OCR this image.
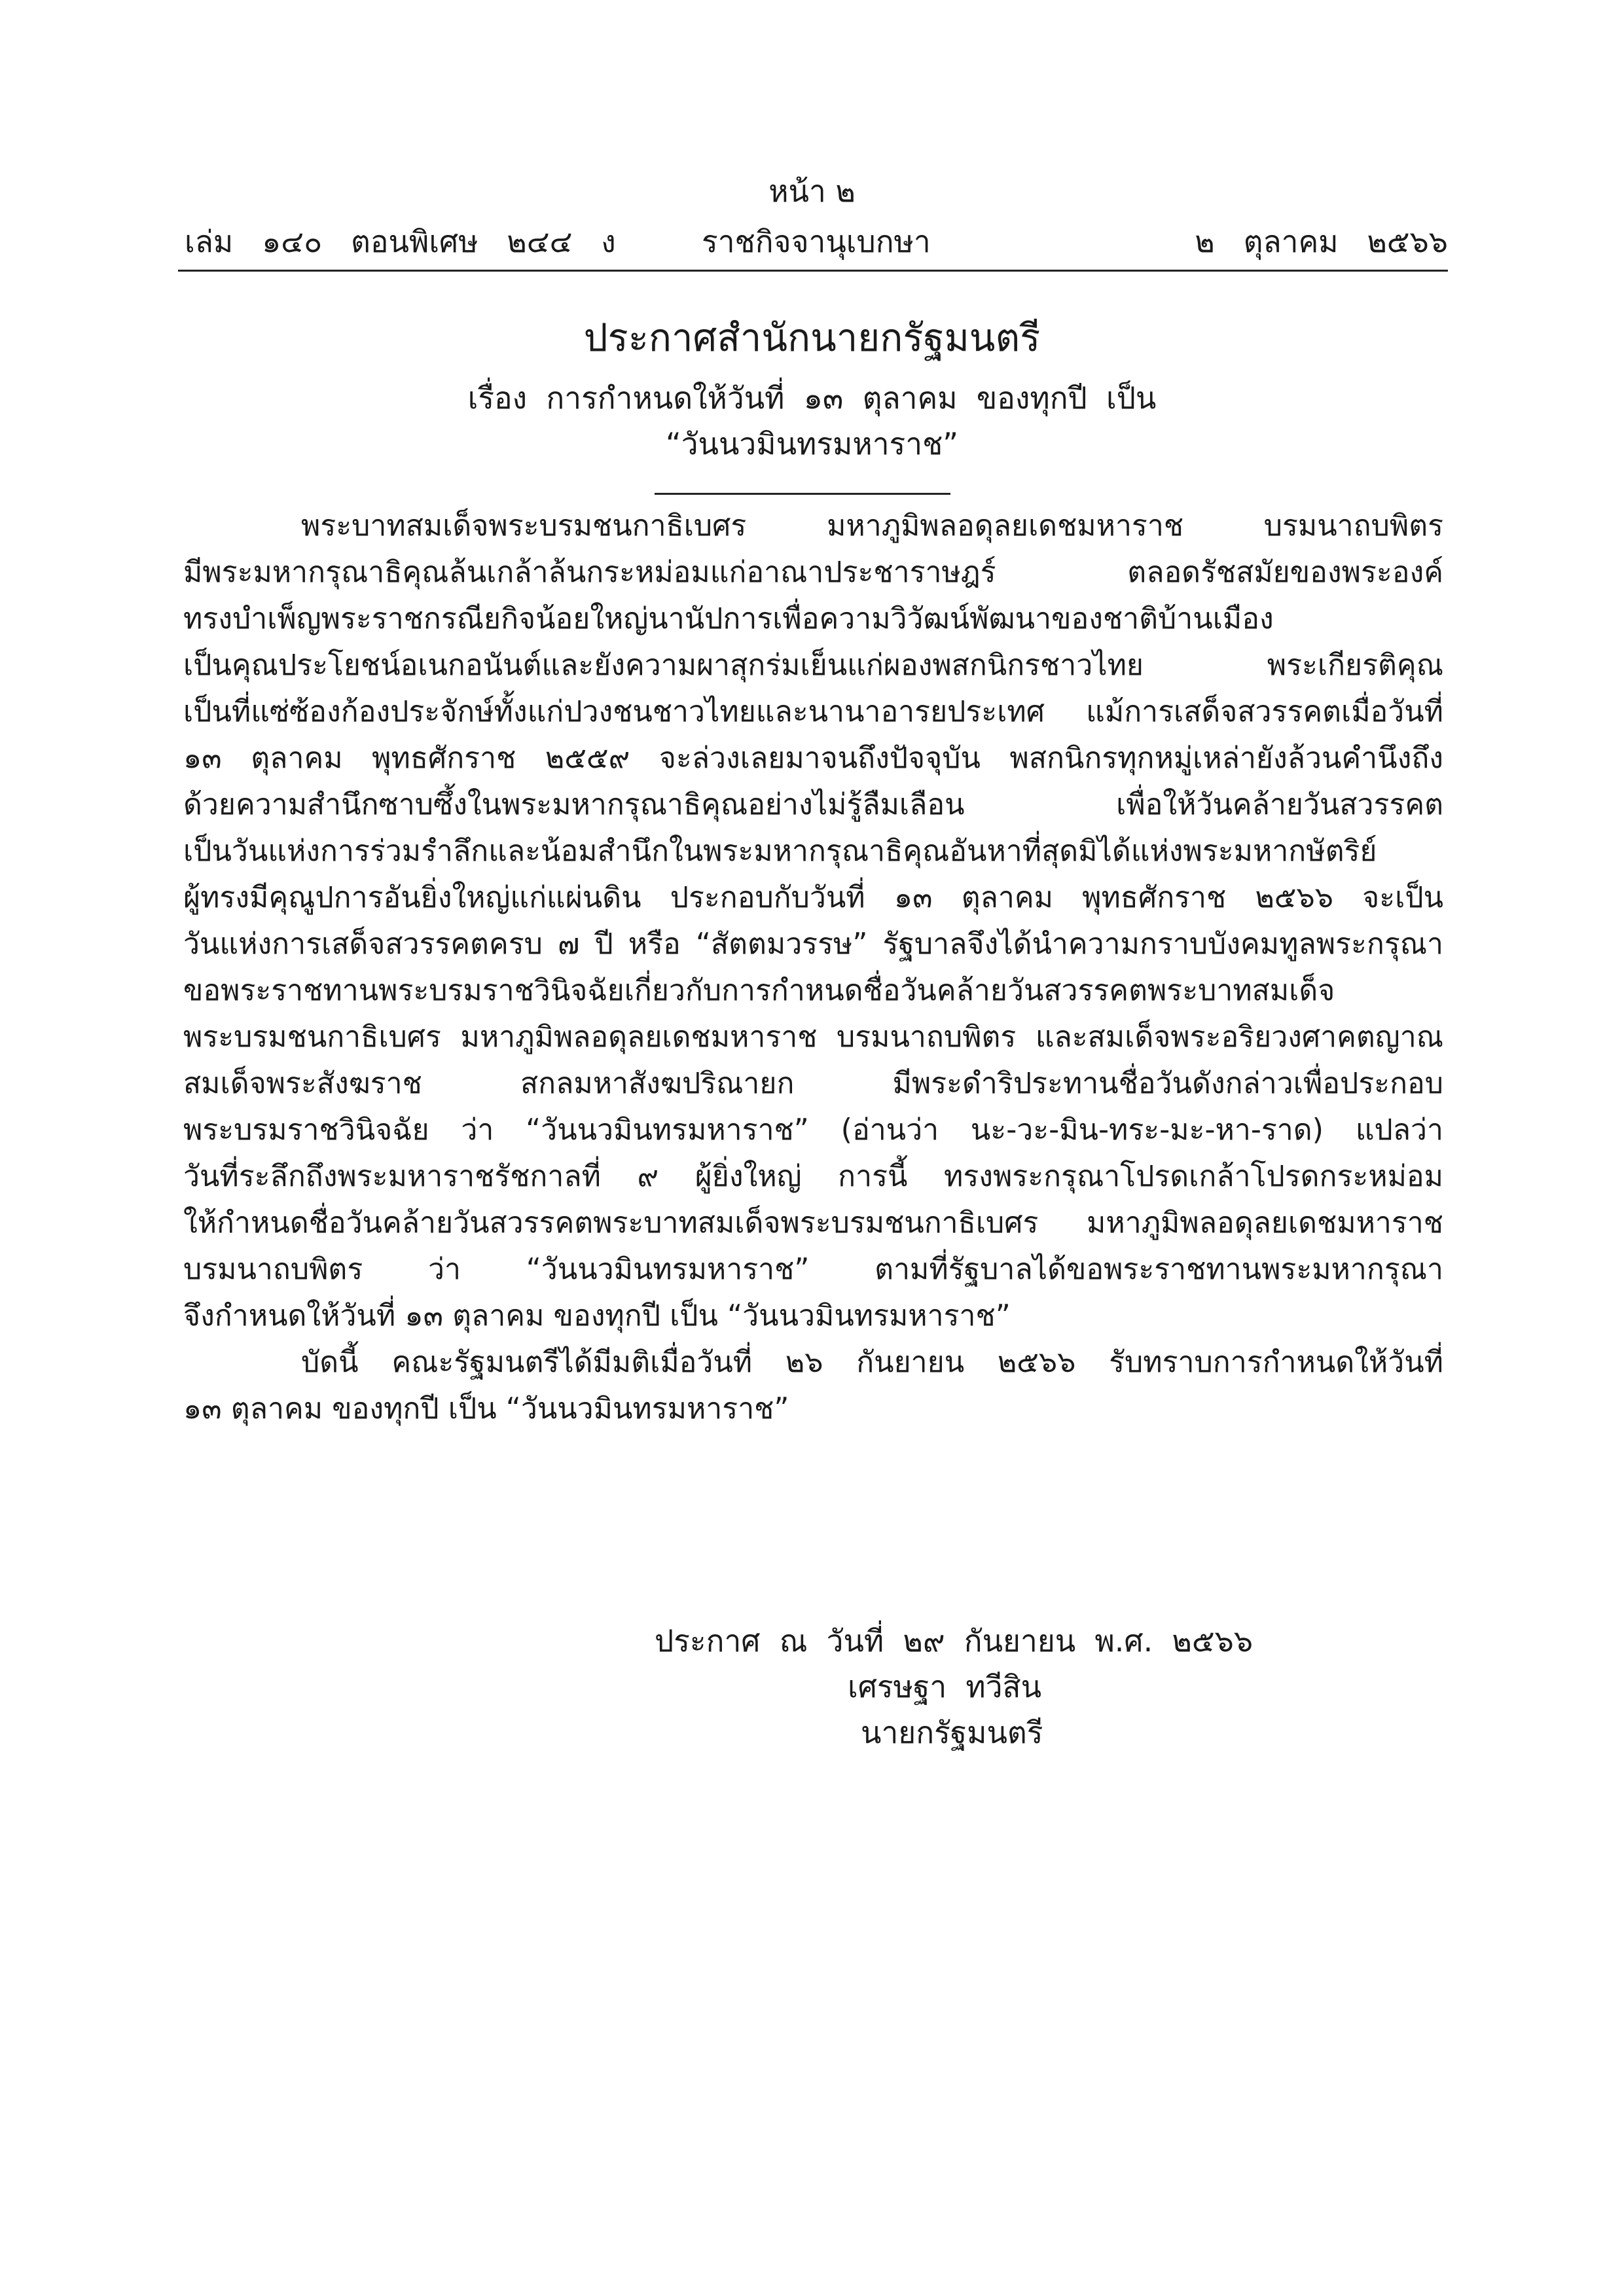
หน้า ๒
เล่ม   ๑๔๐   ตอนพิเศษ   ๒๔๔   ง	ราชกิจจานุเบกษา	๒   ตุลาคม   ๒๕๖๖
ประกาศสำนักนายกรัฐมนตรี
เรื่อง  การกำหนดให้วันที่  ๑๓  ตุลาคม  ของทุกปี  เป็น
“วันนวมินทรมหาราช”
พระบาทสมเด็จพระบรมชนกาธิเบศร มหาภูมิพลอดุลยเดชมหาราช บรมนาถบพิตร
มีพระมหากรุณาธิคุณล้นเกล้าล้นกระหม่อมแก่อาณาประชาราษฎร์ ตลอดรัชสมัยของพระองค์
ทรงบำเพ็ญพระราชกรณียกิจน้อยใหญ่นานัปการเพื่อความวิวัฒน์พัฒนาของชาติบ้านเมือง
เป็นคุณประโยชน์อเนกอนันต์และยังความผาสุกร่มเย็นแก่ผองพสกนิกรชาวไทย พระเกียรติคุณ
เป็นที่แซ่ซ้องก้องประจักษ์ทั้งแก่ปวงชนชาวไทยและนานาอารยประเทศ แม้การเสด็จสวรรคตเมื่อวันที่
๑๓ ตุลาคม พุทธศักราช ๒๕๕๙ จะล่วงเลยมาจนถึงปัจจุบัน พสกนิกรทุกหมู่เหล่ายังล้วนคำนึงถึง
ด้วยความสำนึกซาบซึ้งในพระมหากรุณาธิคุณอย่างไม่รู้ลืมเลือน เพื่อให้วันคล้ายวันสวรรคต
เป็นวันแห่งการร่วมรำลึกและน้อมสำนึกในพระมหากรุณาธิคุณอันหาที่สุดมิได้แห่งพระมหากษัตริย์
ผู้ทรงมีคุณูปการอันยิ่งใหญ่แก่แผ่นดิน ประกอบกับวันที่ ๑๓ ตุลาคม พุทธศักราช ๒๕๖๖ จะเป็น
วันแห่งการเสด็จสวรรคตครบ ๗ ปี หรือ “สัตตมวรรษ” รัฐบาลจึงได้นำความกราบบังคมทูลพระกรุณา
ขอพระราชทานพระบรมราชวินิจฉัยเกี่ยวกับการกำหนดชื่อวันคล้ายวันสวรรคตพระบาทสมเด็จ
พระบรมชนกาธิเบศร มหาภูมิพลอดุลยเดชมหาราช บรมนาถบพิตร และสมเด็จพระอริยวงศาคตญาณ
สมเด็จพระสังฆราช สกลมหาสังฆปริณายก มีพระดำริประทานชื่อวันดังกล่าวเพื่อประกอบ
พระบรมราชวินิจฉัย ว่า “วันนวมินทรมหาราช” (อ่านว่า นะ-วะ-มิน-ทระ-มะ-หา-ราด) แปลว่า
วันที่ระลึกถึงพระมหาราชรัชกาลที่ ๙ ผู้ยิ่งใหญ่ การนี้ ทรงพระกรุณาโปรดเกล้าโปรดกระหม่อม
ให้กำหนดชื่อวันคล้ายวันสวรรคตพระบาทสมเด็จพระบรมชนกาธิเบศร มหาภูมิพลอดุลยเดชมหาราช
บรมนาถบพิตร ว่า “วันนวมินทรมหาราช” ตามที่รัฐบาลได้ขอพระราชทานพระมหากรุณา
จึงกำหนดให้วันที่ ๑๓ ตุลาคม ของทุกปี เป็น “วันนวมินทรมหาราช”
บัดนี้ คณะรัฐมนตรีได้มีมติเมื่อวันที่ ๒๖ กันยายน ๒๕๖๖ รับทราบการกำหนดให้วันที่
๑๓ ตุลาคม ของทุกปี เป็น “วันนวมินทรมหาราช”
ประกาศ  ณ  วันที่  ๒๙  กันยายน  พ.ศ.  ๒๕๖๖
เศรษฐา  ทวีสิน
นายกรัฐมนตรี
